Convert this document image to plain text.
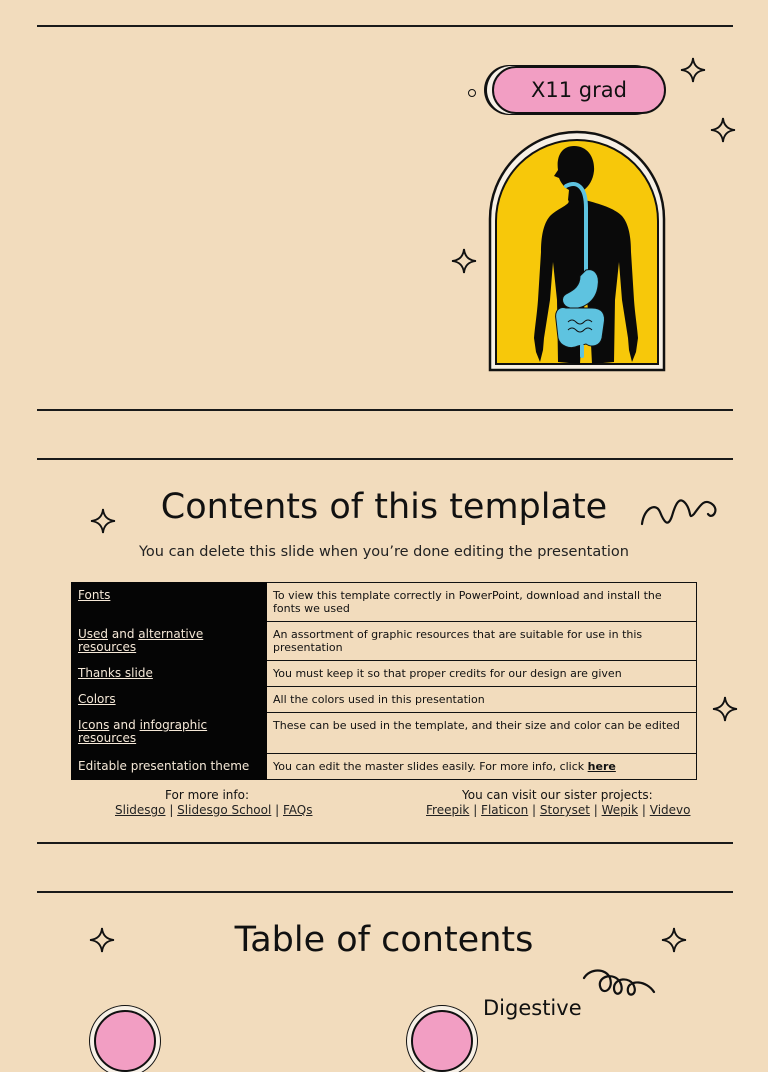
X11 grad
Contents of this template
You can delete this slide when you’re done editing the presentation
Fonts	To view this template correctly in PowerPoint, download and install the fonts we used
Used and alternative resources	An assortment of graphic resources that are suitable for use in this presentation
Thanks slide	You must keep it so that proper credits for our design are given
Colors	All the colors used in this presentation
Icons and infographic resources	These can be used in the template, and their size and color can be edited
Editable presentation theme	You can edit the master slides easily. For more info, click here
For more info:
Slidesgo | Slidesgo School | FAQs
You can visit our sister projects:
Freepik | Flaticon | Storyset | Wepik | Videvo
Table of contents
Digestive
